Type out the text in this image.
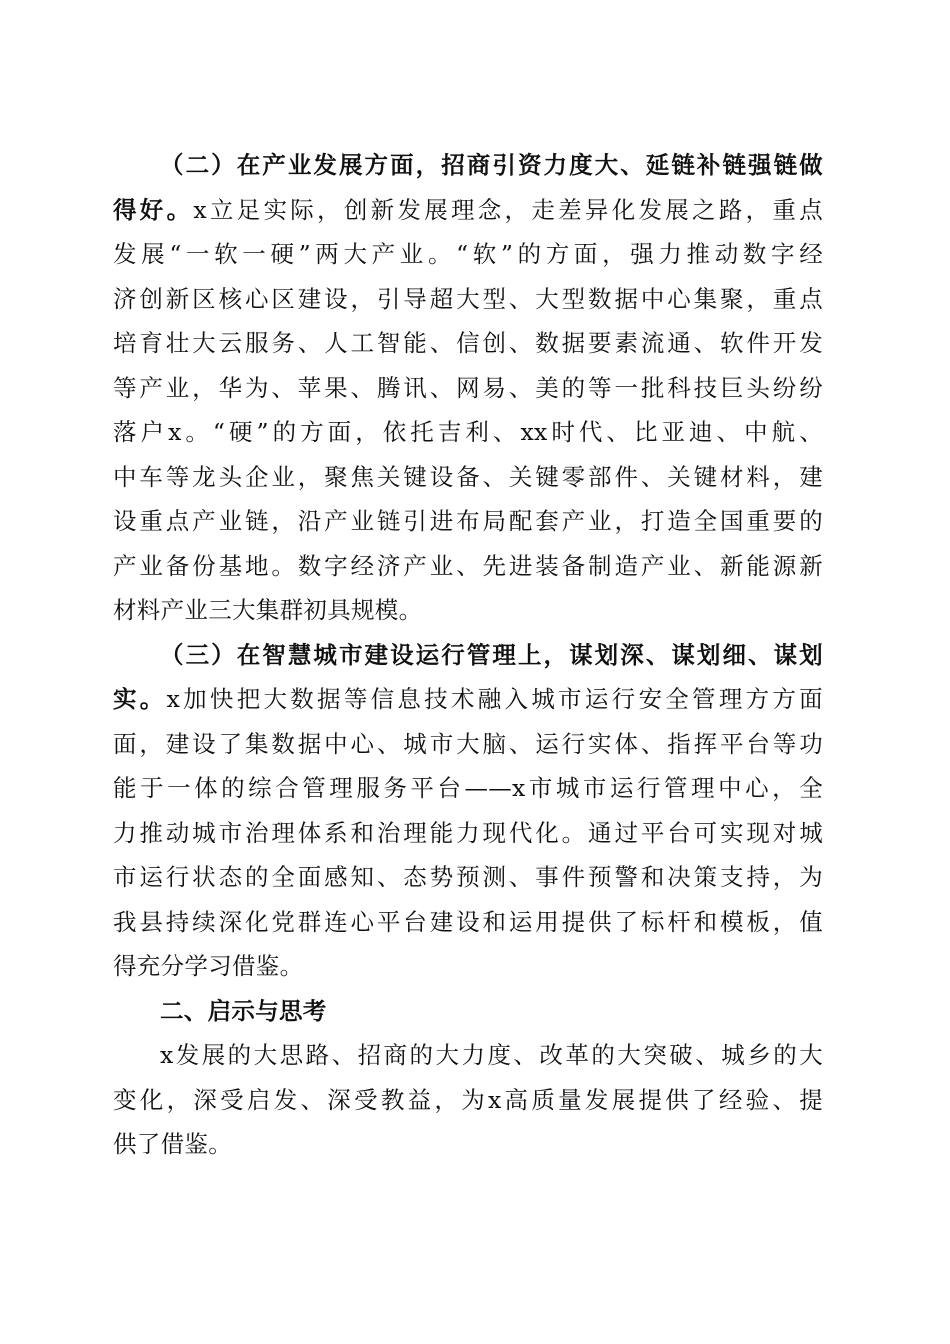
（二）在产业发展方面，招商引资力度大、延链补链强链做
得好。x立足实际，创新发展理念，走差异化发展之路，重点
发展“一软一硬”两大产业。“软”的方面，强力推动数字经
济创新区核心区建设，引导超大型、大型数据中心集聚，重点
培育壮大云服务、人工智能、信创、数据要素流通、软件开发
等产业，华为、苹果、腾讯、网易、美的等一批科技巨头纷纷
落户x。“硬”的方面，依托吉利、xx时代、比亚迪、中航、
中车等龙头企业，聚焦关键设备、关键零部件、关键材料，建
设重点产业链，沿产业链引进布局配套产业，打造全国重要的
产业备份基地。数字经济产业、先进装备制造产业、新能源新
材料产业三大集群初具规模。
（三）在智慧城市建设运行管理上，谋划深、谋划细、谋划
实。x加快把大数据等信息技术融入城市运行安全管理方方面
面，建设了集数据中心、城市大脑、运行实体、指挥平台等功
能于一体的综合管理服务平台——x市城市运行管理中心，全
力推动城市治理体系和治理能力现代化。通过平台可实现对城
市运行状态的全面感知、态势预测、事件预警和决策支持，为
我县持续深化党群连心平台建设和运用提供了标杆和模板，值
得充分学习借鉴。
二、启示与思考
x发展的大思路、招商的大力度、改革的大突破、城乡的大
变化，深受启发、深受教益，为x高质量发展提供了经验、提
供了借鉴。
